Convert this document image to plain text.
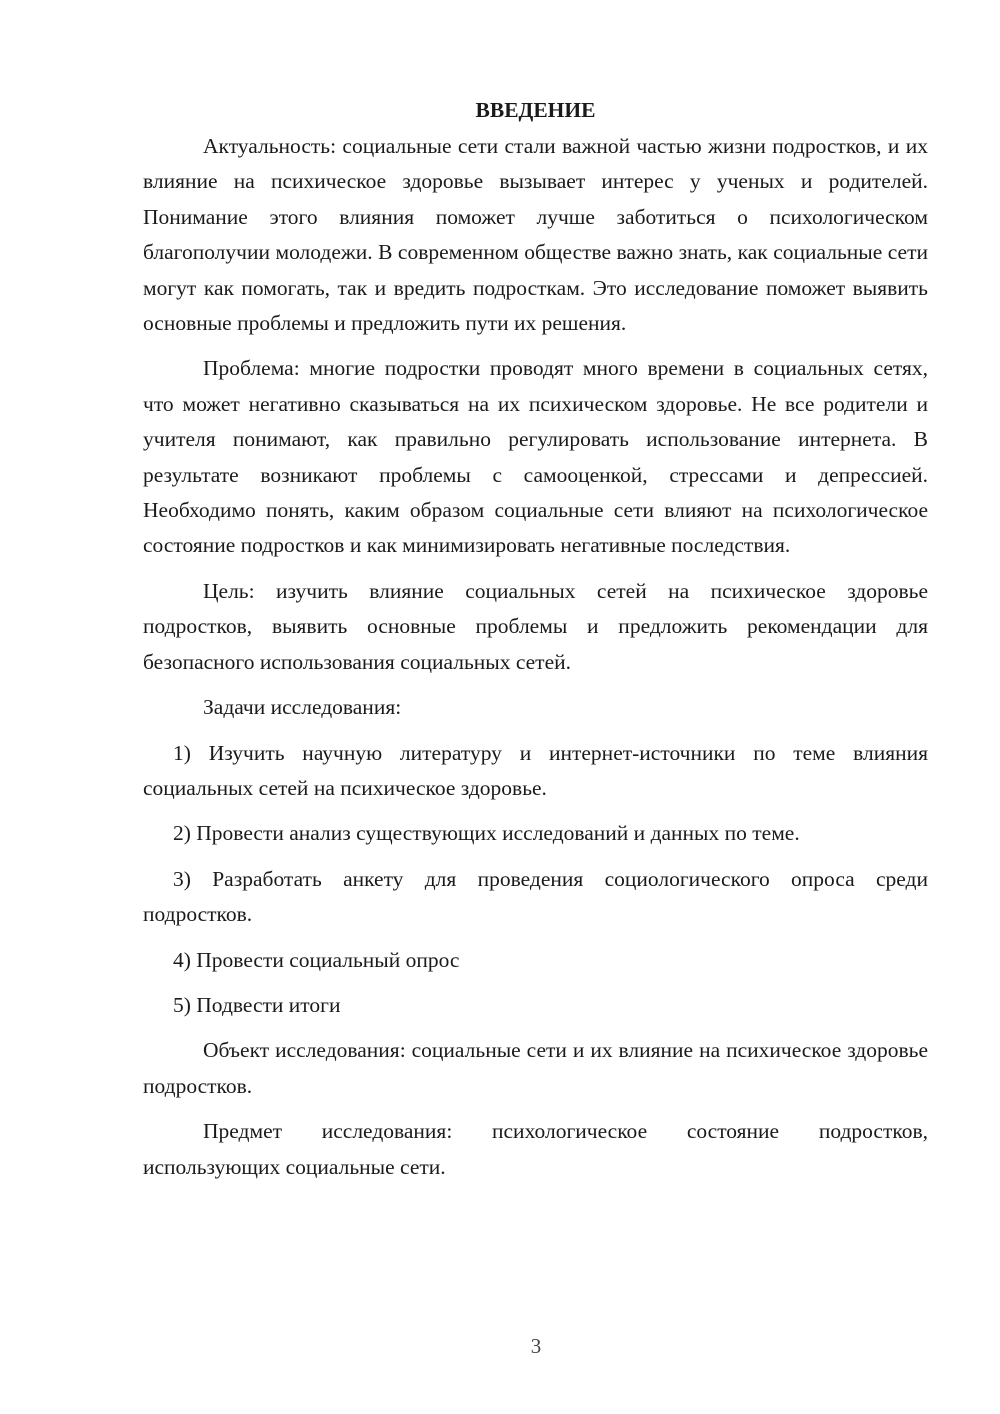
ВВЕДЕНИЕ

Актуальность: социальные сети стали важной частью жизни подростков, и их влияние на психическое здоровье вызывает интерес у ученых и родителей. Понимание этого влияния поможет лучше заботиться о психологическом благополучии молодежи. В современном обществе важно знать, как социальные сети могут как помогать, так и вредить подросткам. Это исследование поможет выявить основные проблемы и предложить пути их решения.

Проблема: многие подростки проводят много времени в социальных сетях, что может негативно сказываться на их психическом здоровье. Не все родители и учителя понимают, как правильно регулировать использование интернета. В результате возникают проблемы с самооценкой, стрессами и депрессией. Необходимо понять, каким образом социальные сети влияют на психологическое состояние подростков и как минимизировать негативные последствия.

Цель: изучить влияние социальных сетей на психическое здоровье подростков, выявить основные проблемы и предложить рекомендации для безопасного использования социальных сетей.

Задачи исследования:

1) Изучить научную литературу и интернет-источники по теме влияния социальных сетей на психическое здоровье.

2) Провести анализ существующих исследований и данных по теме.

3) Разработать анкету для проведения социологического опроса среди подростков.

4) Провести социальный опрос

5) Подвести итоги

Объект исследования: социальные сети и их влияние на психическое здоровье подростков.

Предмет исследования: психологическое состояние подростков, использующих социальные сети.

3
